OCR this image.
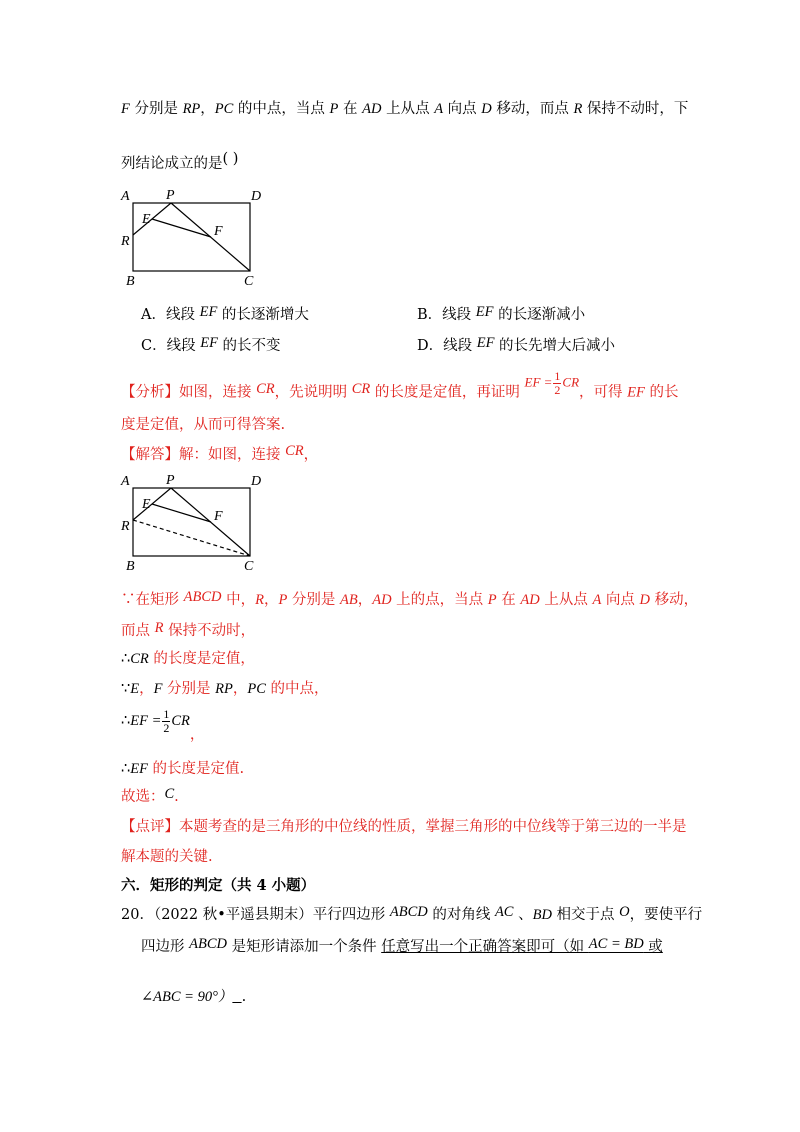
F 分别是 RP，PC 的中点，当点 P 在 AD 上从点 A 向点 D 移动，而点 R 保持不动时，下
列结论成立的是( )
A	P	D
E
F
R
B	C
A．线段 EF 的长逐渐增大	B．线段 EF 的长逐渐减小
C．线段 EF 的长不变	D．线段 EF 的长先增大后减小
【分析】如图，连接 CR，先说明明 CR 的长度是定值，再证明 EF = $\frac{1}{2}$ CR，可得 EF 的长
度是定值，从而可得答案.
【解答】解：如图，连接 CR，
A	P	D
E
F
R
B	C
∵在矩形 ABCD 中，R，P 分别是 AB，AD 上的点，当点 P 在 AD 上从点 A 向点 D 移动，
而点 R 保持不动时，
∴CR 的长度是定值，
∵E，F 分别是 RP，PC 的中点，
∴EF = $\frac{1}{2}$ CR，
∴EF 的长度是定值.
故选：C.
【点评】本题考查的是三角形的中位线的性质，掌握三角形的中位线等于第三边的一半是
解本题的关键.
六．矩形的判定（共 4 小题）
20．（2022 秋•平遥县期末）平行四边形 ABCD 的对角线 AC 、BD 相交于点 O，要使平行
四边形 ABCD 是矩形请添加一个条件 任意写出一个正确答案即可（如 AC = BD 或
∠ABC = 90°） .
